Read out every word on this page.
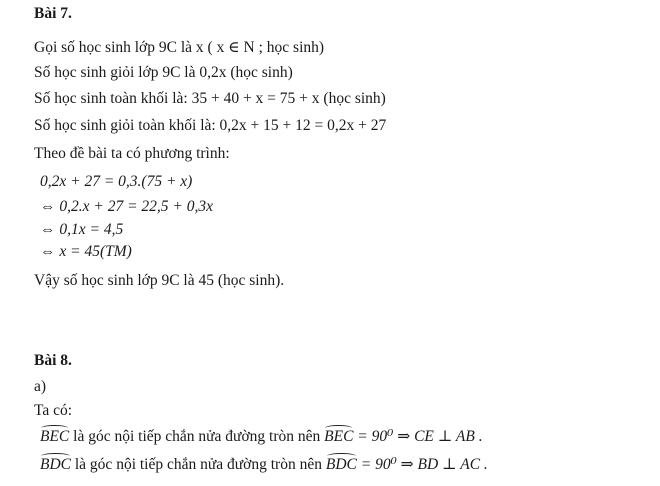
Bài 7.
Gọi số học sinh lớp 9C là x ( x ∈ N ; học sinh)
Số học sinh giỏi lớp 9C là 0,2x (học sinh)
Số học sinh toàn khối là: 35 + 40 + x = 75 + x (học sinh)
Số học sinh giỏi toàn khối là: 0,2x + 15 + 12 = 0,2x + 27
Theo đề bài ta có phương trình:
0,2x + 27 = 0,3.(75 + x)
⇔ 0,2.x + 27 = 22,5 + 0,3x
⇔ 0,1x = 4,5
⇔ x = 45(TM)
Vậy số học sinh lớp 9C là 45 (học sinh).
Bài 8.
a)
Ta có:
BEC là góc nội tiếp chắn nửa đường tròn nên BEC = 90⁰ ⇒ CE ⊥ AB .
BDC là góc nội tiếp chắn nửa đường tròn nên BDC = 90⁰ ⇒ BD ⊥ AC .
